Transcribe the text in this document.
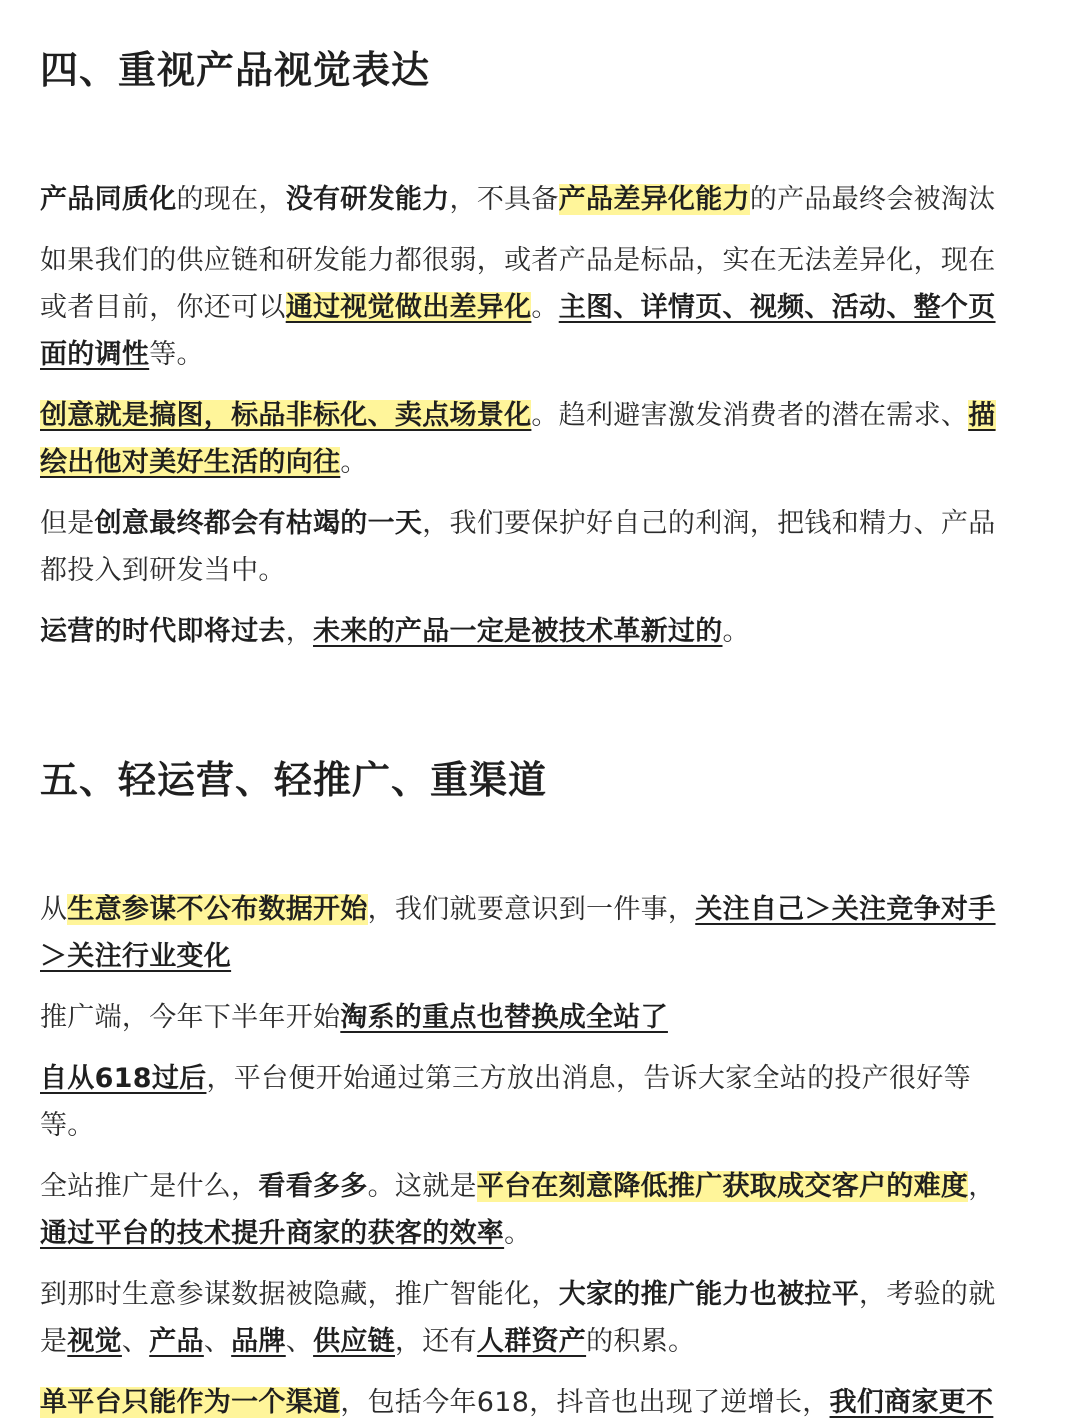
四、重视产品视觉表达

产品同质化的现在，没有研发能力，不具备产品差异化能力的产品最终会被淘汰

如果我们的供应链和研发能力都很弱，或者产品是标品，实在无法差异化，现在
或者目前，你还可以通过视觉做出差异化。主图、详情页、视频、活动、整个页
面的调性等。

创意就是搞图，标品非标化、卖点场景化。趋利避害激发消费者的潜在需求、描
绘出他对美好生活的向往。

但是创意最终都会有枯竭的一天，我们要保护好自己的利润，把钱和精力、产品
都投入到研发当中。

运营的时代即将过去，未来的产品一定是被技术革新过的。

五、轻运营、轻推广、重渠道

从生意参谋不公布数据开始，我们就要意识到一件事，关注自己＞关注竞争对手
＞关注行业变化

推广端，今年下半年开始淘系的重点也替换成全站了

自从618过后，平台便开始通过第三方放出消息，告诉大家全站的投产很好等
等。

全站推广是什么，看看多多。这就是平台在刻意降低推广获取成交客户的难度，
通过平台的技术提升商家的获客的效率。

到那时生意参谋数据被隐藏，推广智能化，大家的推广能力也被拉平，考验的就
是视觉、产品、品牌、供应链，还有人群资产的积累。

单平台只能作为一个渠道，包括今年618，抖音也出现了逆增长，我们商家更不
